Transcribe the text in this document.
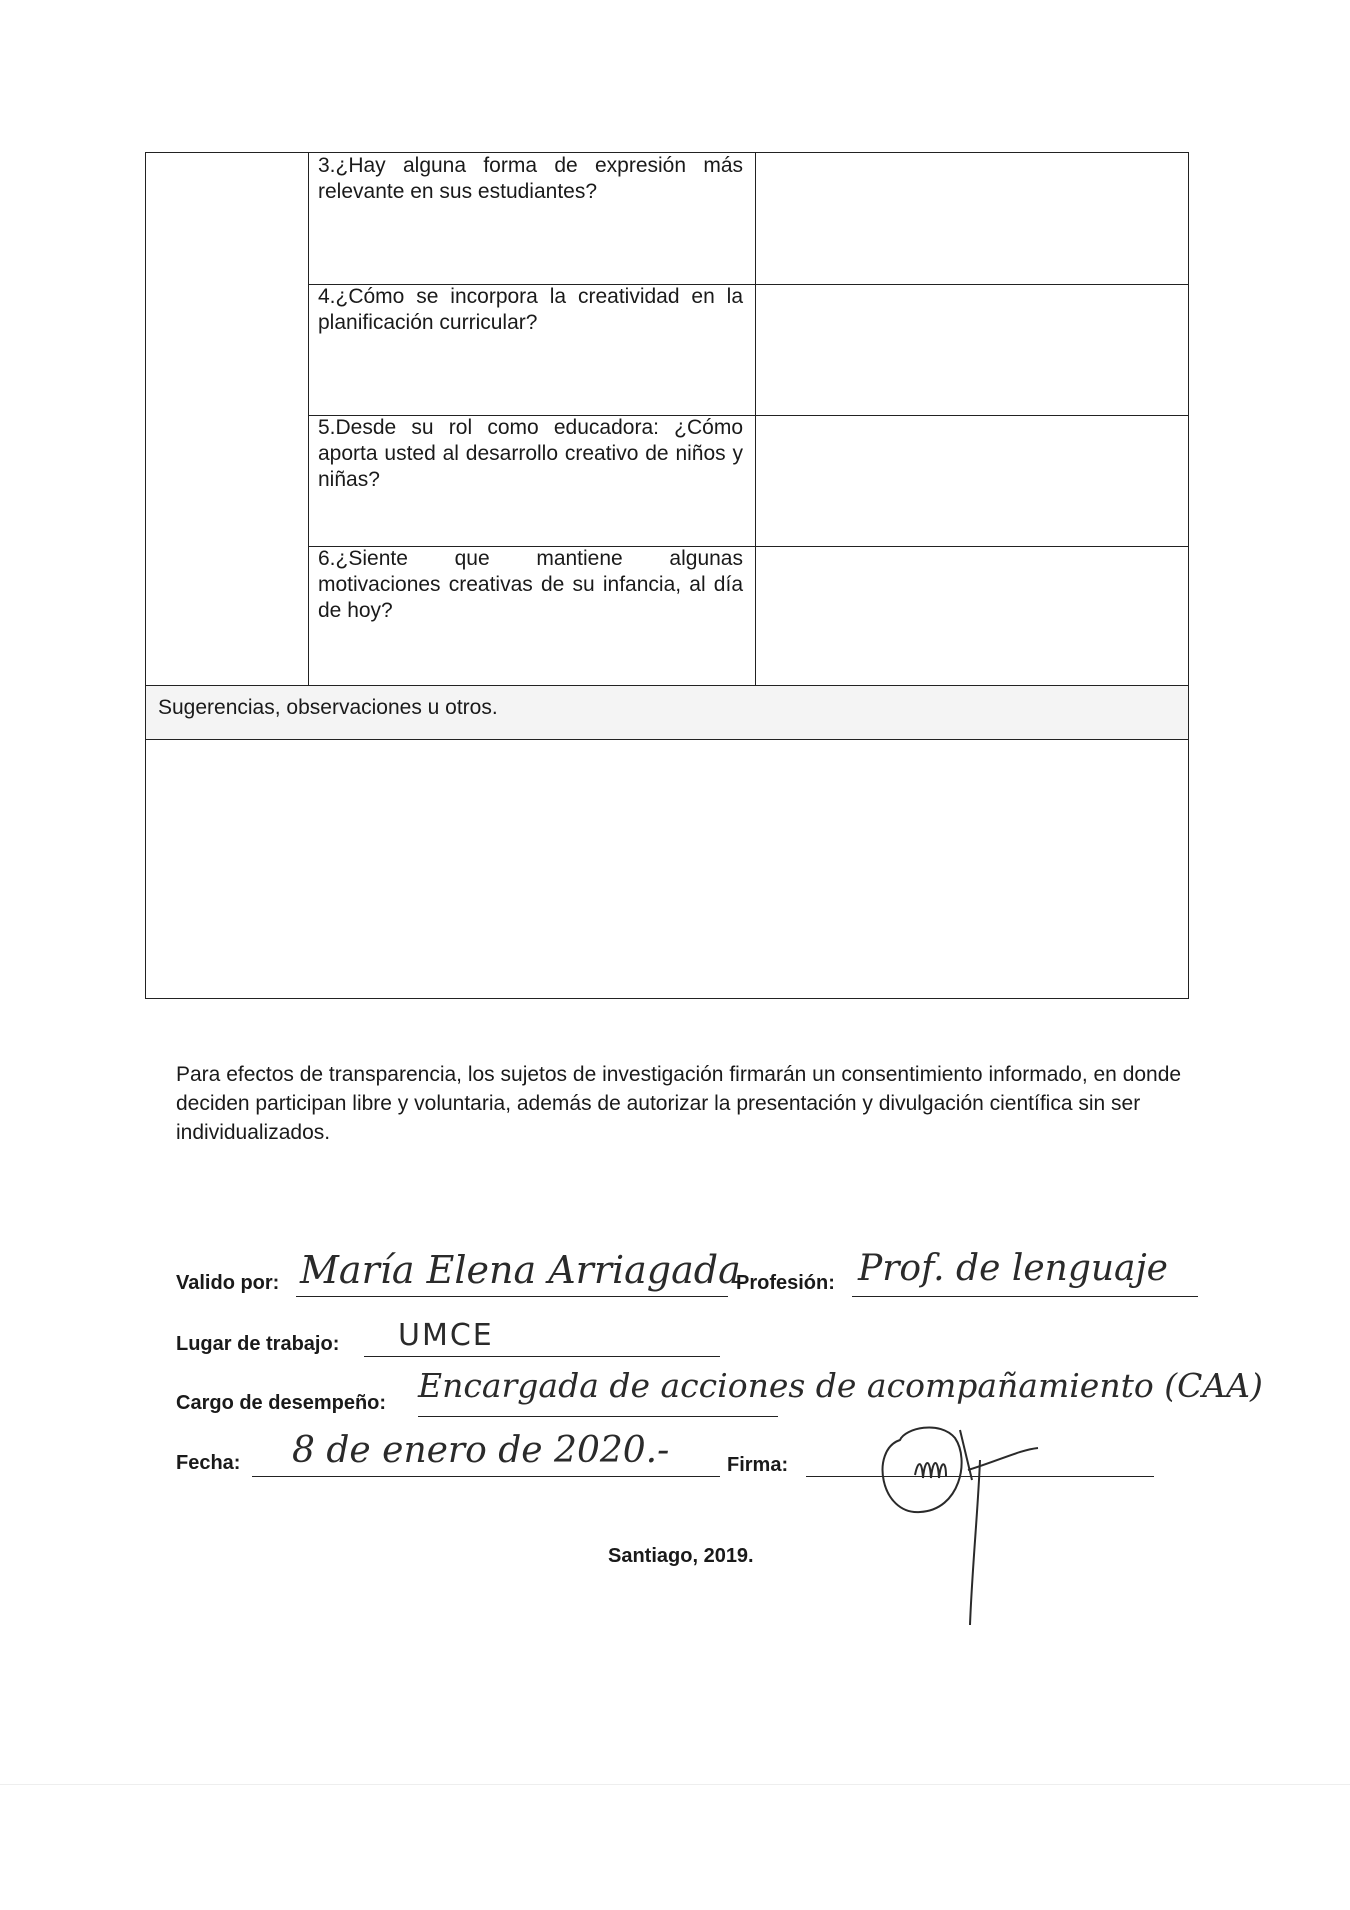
3.¿Hay alguna forma de expresión más relevante en sus estudiantes?
4.¿Cómo se incorpora la creatividad en la planificación curricular?
5.Desde su rol como educadora: ¿Cómo aporta usted al desarrollo creativo de niños y niñas?
6.¿Siente que mantiene algunas motivaciones creativas de su infancia, al día de hoy?
Sugerencias, observaciones u otros.
Para efectos de transparencia, los sujetos de investigación firmarán un consentimiento informado, en donde deciden participan libre y voluntaria, además de autorizar la presentación y divulgación científica sin ser individualizados.
Valido por: María Elena Arriagada
Profesión: Prof. de lenguaje
Lugar de trabajo: UMCE
Cargo de desempeño: Encargada de acciones de acompañamiento (CAA)
Fecha: 8 de enero de 2020.-	Firma:
Santiago, 2019.
